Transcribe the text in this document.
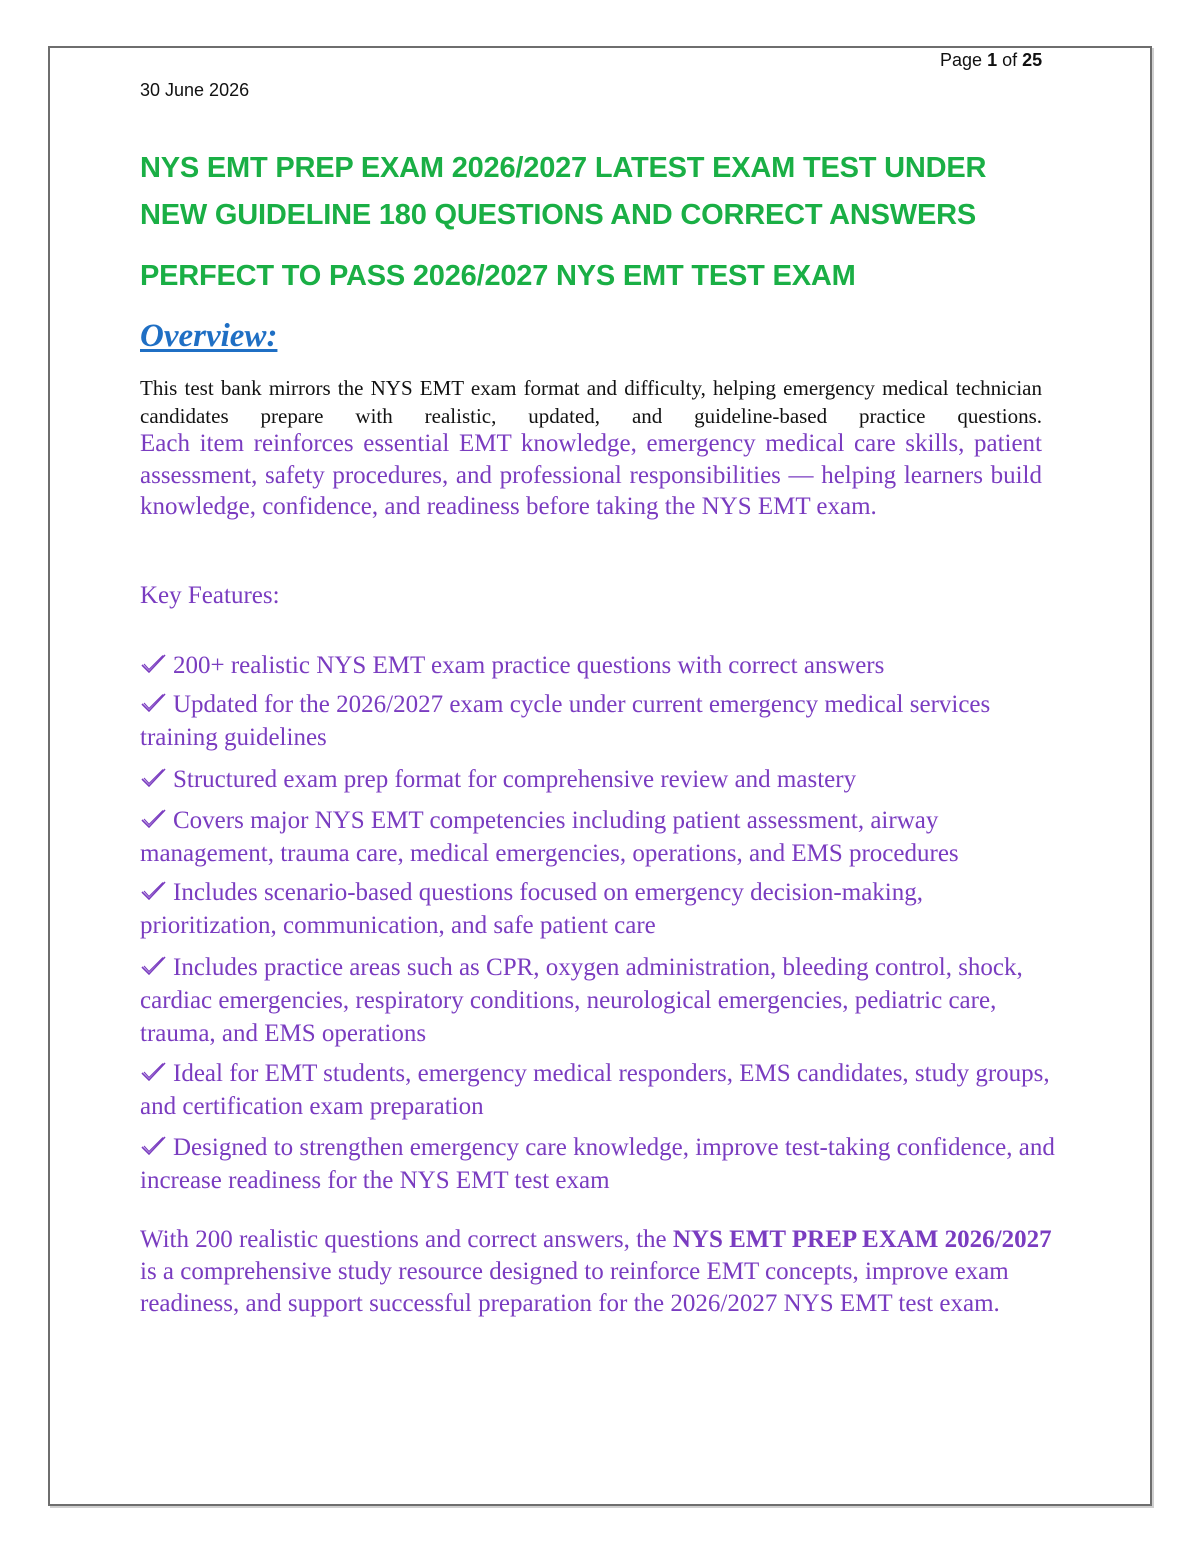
Page 1 of 25
30 June 2026
NYS EMT PREP EXAM 2026/2027 LATEST EXAM TEST UNDER
NEW GUIDELINE 180 QUESTIONS AND CORRECT ANSWERS
PERFECT TO PASS 2026/2027 NYS EMT TEST EXAM
Overview:
This test bank mirrors the NYS EMT exam format and difficulty, helping emergency medical technician candidates prepare with realistic, updated, and guideline-based practice questions.
Each item reinforces essential EMT knowledge, emergency medical care skills, patient assessment, safety procedures, and professional responsibilities — helping learners build knowledge, confidence, and readiness before taking the NYS EMT exam.
Key Features:
200+ realistic NYS EMT exam practice questions with correct answers
Updated for the 2026/2027 exam cycle under current emergency medical services training guidelines
Structured exam prep format for comprehensive review and mastery
Covers major NYS EMT competencies including patient assessment, airway management, trauma care, medical emergencies, operations, and EMS procedures
Includes scenario-based questions focused on emergency decision-making, prioritization, communication, and safe patient care
Includes practice areas such as CPR, oxygen administration, bleeding control, shock, cardiac emergencies, respiratory conditions, neurological emergencies, pediatric care, trauma, and EMS operations
Ideal for EMT students, emergency medical responders, EMS candidates, study groups, and certification exam preparation
Designed to strengthen emergency care knowledge, improve test-taking confidence, and increase readiness for the NYS EMT test exam
With 200 realistic questions and correct answers, the NYS EMT PREP EXAM 2026/2027 is a comprehensive study resource designed to reinforce EMT concepts, improve exam readiness, and support successful preparation for the 2026/2027 NYS EMT test exam.
